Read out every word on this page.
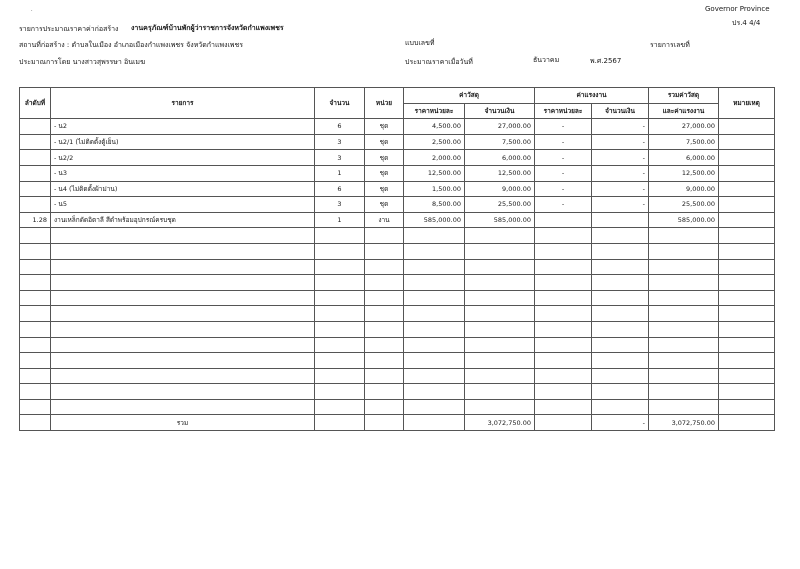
·	Governor Province
ปร.4 4/4
รายการประมาณราคาค่าก่อสร้าง งานครุภัณฑ์บ้านพักผู้ว่าราชการจังหวัดกำแพงเพชร
สถานที่ก่อสร้าง : ตำบลในเมือง อำเภอเมืองกำแพงเพชร จังหวัดกำแพงเพชร	แบบเลขที่	รายการเลขที่
ประมาณการโดย นางสาวสุพรรษา อินเมฆ	ประมาณราคาเมื่อวันที่	ธันวาคม	พ.ศ.2567
ลำดับที่	รายการ	จำนวน	หน่วย	ค่าวัสดุ		ค่าแรงงาน		รวมค่าวัสดุ	หมายเหตุ
				ราคาหน่วยละ	จำนวนเงิน	ราคาหน่วยละ	จำนวนเงิน	และค่าแรงงาน	
	- น2	6	ชุด	4,500.00	27,000.00	-	-	27,000.00	
	- น2/1 (ไม่ติดตั้งตู้เย็น)	3	ชุด	2,500.00	7,500.00	-	-	7,500.00	
	- น2/2	3	ชุด	2,000.00	6,000.00	-	-	6,000.00	
	- น3	1	ชุด	12,500.00	12,500.00	-	-	12,500.00	
	- น4 (ไม่ติดตั้งผ้าม่าน)	6	ชุด	1,500.00	9,000.00	-	-	9,000.00	
	- น5	3	ชุด	8,500.00	25,500.00	-	-	25,500.00	
1.28	งานเหล็กดัดอิตาลี สีดำพร้อมอุปกรณ์ครบชุด	1	งาน	585,000.00	585,000.00			585,000.00	

	รวม				3,072,750.00		-	3,072,750.00	
